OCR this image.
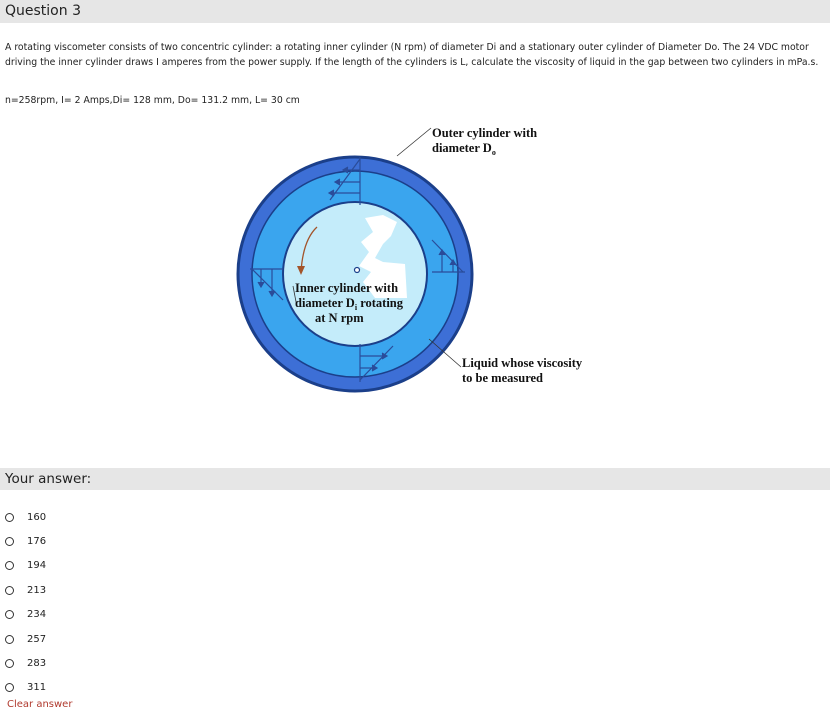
Question 3
A rotating viscometer consists of two concentric cylinder: a rotating inner cylinder (N rpm) of diameter Di and a stationary outer cylinder of Diameter Do. The 24 VDC motor driving the inner cylinder draws I amperes from the power supply. If the length of the cylinders is L, calculate the viscosity of liquid in the gap between two cylinders in mPa.s.
n=258rpm, I= 2 Amps,Di= 128 mm, Do= 131.2 mm, L= 30 cm
Outer cylinder with
diameter $D_o$
Inner cylinder with
diameter $D_i$ rotating
at N rpm
Liquid whose viscosity
to be measured
Your answer:
160
176
194
213
234
257
283
311
Clear answer
